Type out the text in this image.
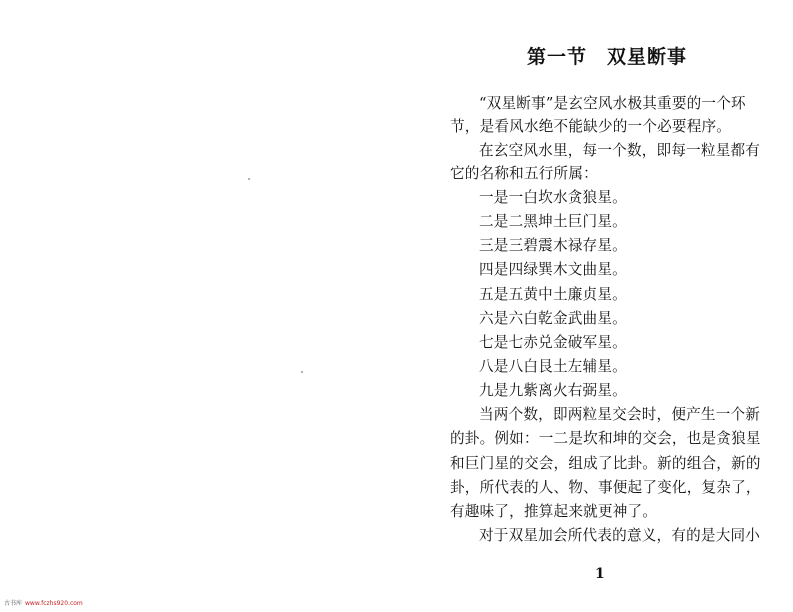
第一节 双星断事
“双星断事”是玄空风水极其重要的一个环
节，是看风水绝不能缺少的一个必要程序。
在玄空风水里，每一个数，即每一粒星都有
它的名称和五行所属：
一是一白坎水贪狼星。
二是二黑坤土巨门星。
三是三碧震木禄存星。
四是四绿巽木文曲星。
五是五黄中土廉贞星。
六是六白乾金武曲星。
七是七赤兑金破军星。
八是八白艮土左辅星。
九是九紫离火右弼星。
当两个数，即两粒星交会时，便产生一个新
的卦。例如：一二是坎和坤的交会，也是贪狼星
和巨门星的交会，组成了比卦。新的组合，新的
卦，所代表的人、物、事便起了变化，复杂了，
有趣味了，推算起来就更神了。
对于双星加会所代表的意义，有的是大同小
1
古书库 www.fczhs920.com
